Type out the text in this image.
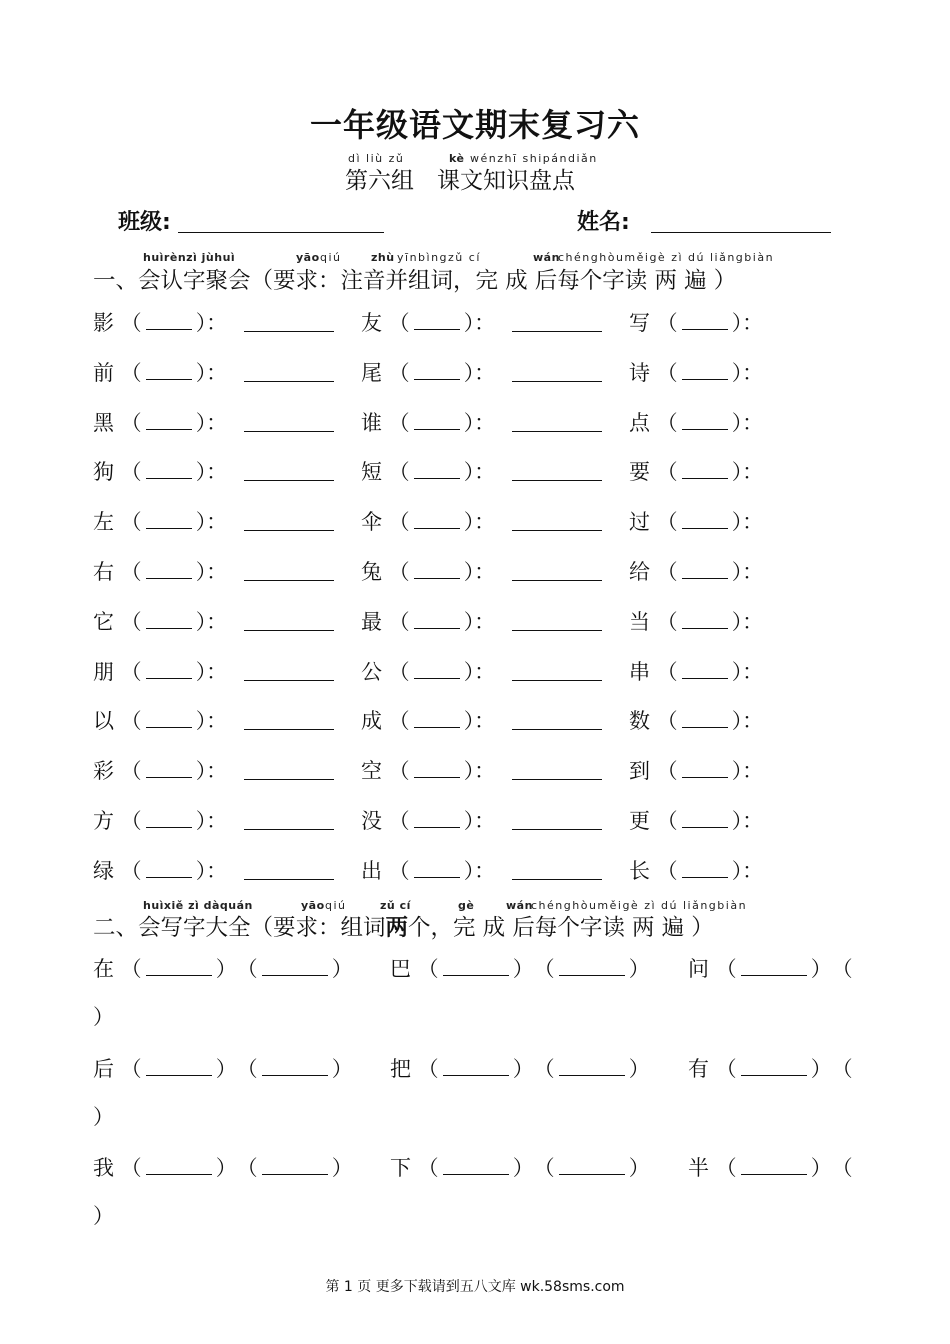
一年级语文期末复习六
dì liù zǔ	kè wénzhī shipándiǎn
第六组　课文知识盘点
班级:	姓名:
huìrènzì jùhuì	yāo qiú	zhù yīnbìngzǔ cí	wán
chénghòuměigè zì dú liǎngbiàn
一、会认字聚会（要求：注音并组词，完 成 后每个字读 两 遍 ）
影 （	）：	友 （	）：	写 （	）：
前 （	）：	尾 （	）：	诗 （	）：
黑 （	）：	谁 （	）：	点 （	）：
狗 （	）：	短 （	）：	要 （	）：
左 （	）：	伞 （	）：	过 （	）：
右 （	）：	兔 （	）：	给 （	）：
它 （	）：	最 （	）：	当 （	）：
朋 （	）：	公 （	）：	串 （	）：
以 （	）：	成 （	）：	数 （	）：
彩 （	）：	空 （	）：	到 （	）：
方 （	）：	没 （	）：	更 （	）：
绿 （	）：	出 （	）：	长 （	）：
huìxiě zì dàquán	yāo qiú	zǔ cí	gè	wán
chénghòuměigè zì dú liǎngbiàn
二、会写字大全（要求：组词两个，完 成 后每个字读 两 遍 ）
在 （	）　（	） 巴 （	）　（	） 问 （	）　（
）
后 （	）　（	） 把 （	）　（	） 有 （	）　（
）
我 （	）　（	） 下 （	）　（	） 半 （	）　（
）
第 1 页 更多下载请到五八文库 wk.58sms.com
